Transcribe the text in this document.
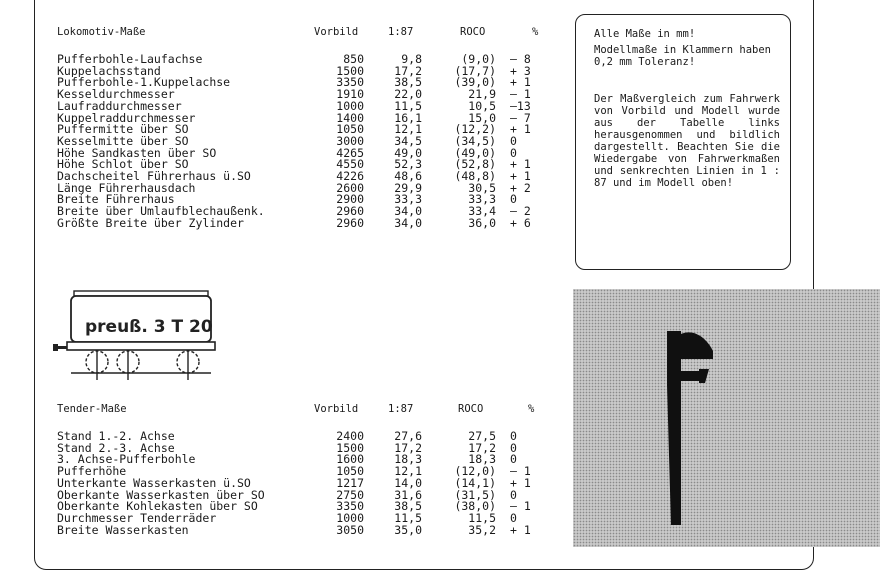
Lokomotiv-Maße	Vorbild	1:87	ROCO	%
Pufferbohle-Laufachse	850	9,8	(9,0)	– 8
Kuppelachsstand	1500	17,2	(17,7)	+ 3
Pufferbohle-1.Kuppelachse	3350	38,5	(39,0)	+ 1
Kesseldurchmesser	1910	22,0	21,9	– 1
Laufraddurchmesser	1000	11,5	10,5	–13
Kuppelraddurchmesser	1400	16,1	15,0	– 7
Puffermitte über SO	1050	12,1	(12,2)	+ 1
Kesselmitte über SO	3000	34,5	(34,5)	0
Höhe Sandkasten über SO	4265	49,0	(49,0)	0
Höhe Schlot über SO	4550	52,3	(52,8)	+ 1
Dachscheitel Führerhaus ü.SO	4226	48,6	(48,8)	+ 1
Länge Führerhausdach	2600	29,9	30,5	+ 2
Breite Führerhaus	2900	33,3	33,3	0
Breite über Umlaufblechaußenk.	2960	34,0	33,4	– 2
Größte Breite über Zylinder	2960	34,0	36,0	+ 6

Alle Maße in mm!

Modellmaße in Klammern haben 0,2 mm Toleranz!

Der Maßvergleich zum Fahrwerk von Vorbild und Modell wurde aus der Tabelle links herausgenommen und bildlich dargestellt. Beachten Sie die Wiedergabe von Fahrwerkmaßen und senkrechten Linien in 1 : 87 und im Modell oben!

preuß. 3 T 20
Tender-Maße	Vorbild	1:87	ROCO	%
Stand 1.-2. Achse	2400	27,6	27,5	0
Stand 2.-3. Achse	1500	17,2	17,2	0
3. Achse-Pufferbohle	1600	18,3	18,3	0
Pufferhöhe	1050	12,1	(12,0)	– 1
Unterkante Wasserkasten ü.SO	1217	14,0	(14,1)	+ 1
Oberkante Wasserkasten über SO	2750	31,6	(31,5)	0
Oberkante Kohlekasten über SO	3350	38,5	(38,0)	– 1
Durchmesser Tenderräder	1000	11,5	11,5	0
Breite Wasserkasten	3050	35,0	35,2	+ 1
